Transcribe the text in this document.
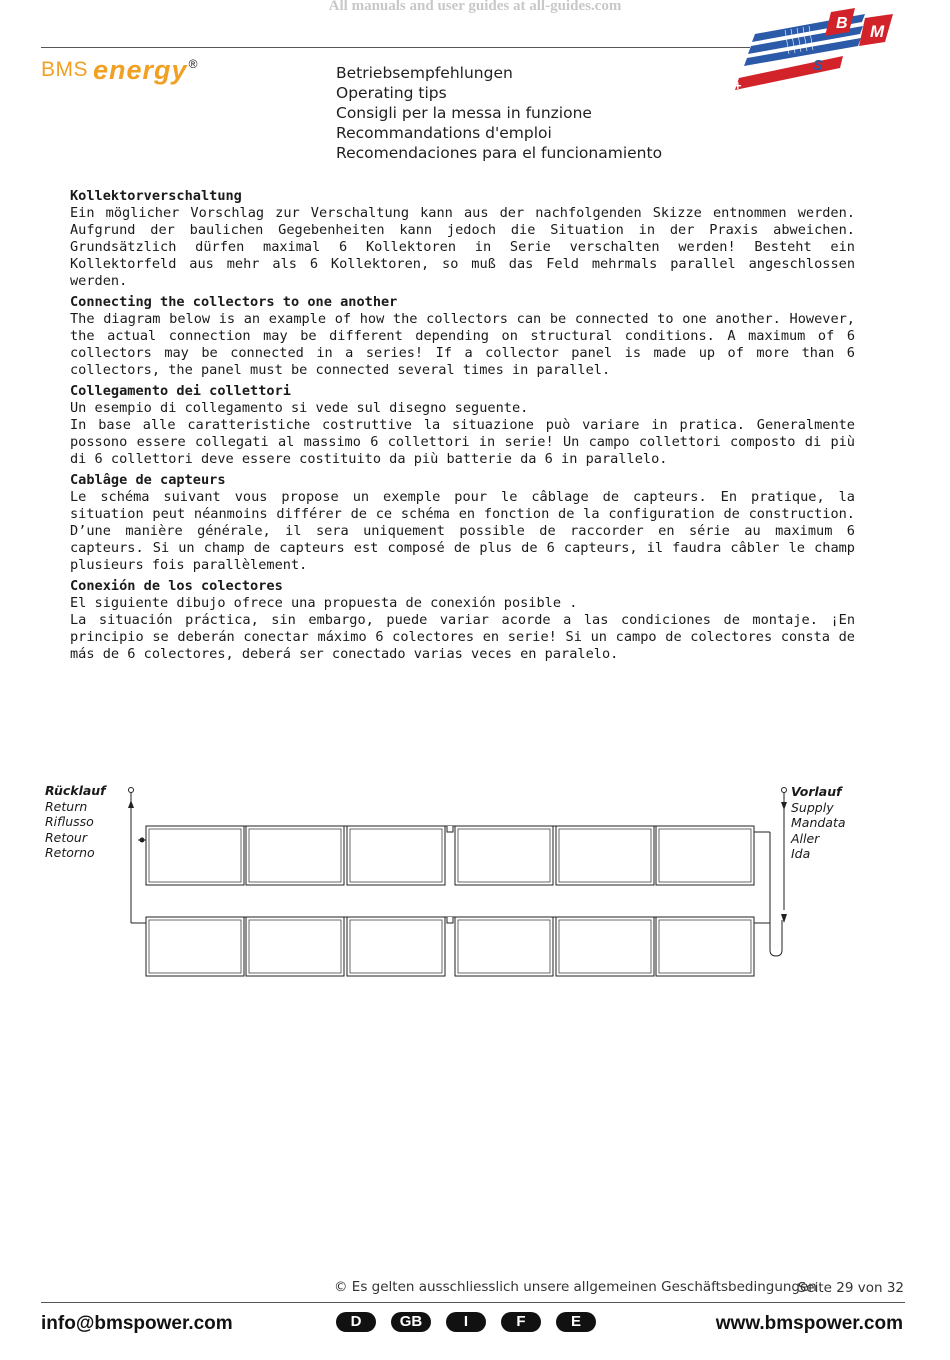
All manuals and user guides at all-guides.com
BMS energy®	Betriebsempfehlungen
Operating tips
Consigli per la messa in funzione
Recommandations d'emploi
Recomendaciones para el funcionamiento
B M
S
+
Kollektorverschaltung

Ein möglicher Vorschlag zur Verschaltung kann aus der nachfolgenden Skizze entnommen werden. Aufgrund der baulichen Gegebenheiten kann jedoch die Situation in der Praxis abweichen. Grundsätzlich dürfen maximal 6 Kollektoren in Serie verschalten werden! Besteht ein Kollektorfeld aus mehr als 6 Kollektoren, so muß das Feld mehrmals parallel angeschlossen werden.

Connecting the collectors to one another

The diagram below is an example of how the collectors can be connected to one another. However, the actual connection may be different depending on structural conditions. A maximum of 6 collectors may be connected in a series! If a collector panel is made up of more than 6 collectors, the panel must be connected several times in parallel.

Collegamento dei collettori

Un esempio di collegamento si vede sul disegno seguente.
In base alle caratteristiche costruttive la situazione può variare in pratica. Generalmente possono essere collegati al massimo 6 collettori in serie! Un campo collettori composto di più di 6 collettori deve essere costituito da più batterie da 6 in parallelo.

Cablâge de capteurs

Le schéma suivant vous propose un exemple pour le câblage de capteurs. En pratique, la situation peut néanmoins différer de ce schéma en fonction de la configuration de construction. D’une manière générale, il sera uniquement possible de raccorder en série au maximum 6 capteurs. Si un champ de capteurs est composé de plus de 6 capteurs, il faudra câbler le champ plusieurs fois parallèlement.

Conexión de los colectores

El siguiente dibujo ofrece una propuesta de conexión posible .
La situación práctica, sin embargo, puede variar acorde a las condiciones de montaje. ¡En principio se deberán conectar máximo 6 colectores en serie! Si un campo de colectores consta de más de 6 colectores, deberá ser conectado varias veces en paralelo.

Rücklauf
Return
Riflusso
Retour
Retorno
Vorlauf
Supply
Mandata
Aller
Ida
© Es gelten ausschliesslich unsere allgemeinen Geschäftsbedingungen
Seite 29 von 32
info@bmspower.com	D	GB	I	F	E	www.bmspower.com
